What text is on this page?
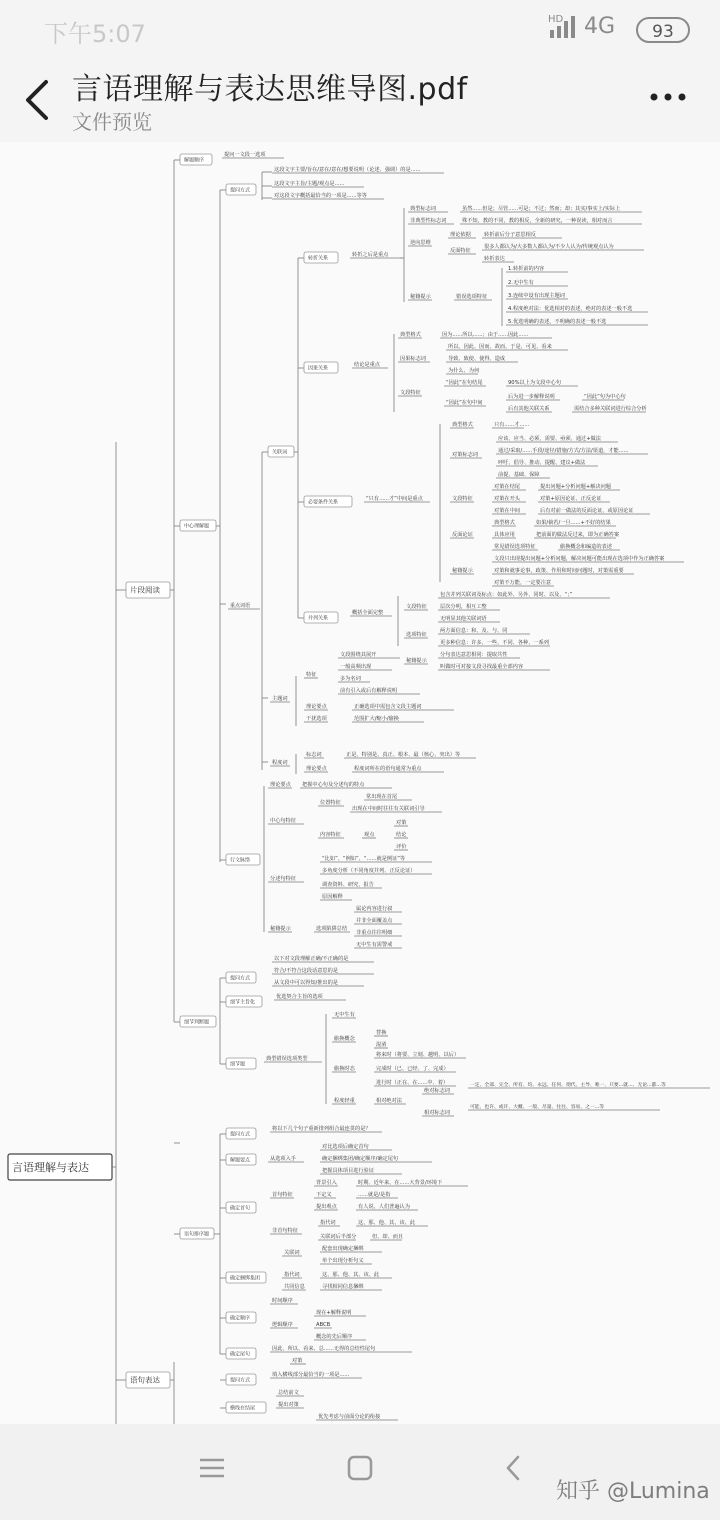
下午5:07
HD 4G	93
言语理解与表达思维导图.pdf
文件预览
言语理解与表达
片段阅读
语句表达
解题顺序
提问一文段一选项
中心理解题
提问方式
这段文字主要/旨在/意在/意在/想要说明（论述、强调）的是......
这段文字主旨/主题/观点是......
对这段文字概括最恰当的一项是......等等
重点词语
关联词
转折关系
转折之后是重点
典型标志词	虽然......但是；尽管......可是；不过；然而；却；其实/事实上/实际上
非典型性标志词	殊不知，教的不同，教的相反，全新的研究，一种误读，相对而言
逆向思维
理论依据	转折前后分子意思相反
反面特征
很多人都认为/大多数人都认为/不少人认为/传统观点认为
转折表达
1.转折前的内容
2.无中生有
3.连续中设有出现主题词
4.程度绝对法：优选相对的表述，绝对的表述一般不选
5.优选明确的表述，不明确的表述一般不选
秘籍提示	错误选项特征
因果关系
结论是重点
典型格式	因为......所以......；由于......因此......
因果标志词
所以、因此、因而、故而、于是、可见、看来
导致、致使、使得、造成
为什么、为何
文段特征
“因此”在句结尾	90%以上为文段中心句
“因此”在句中间
后为进一步解释说明	“因此”句为中心句
后有其他关联关系	需结合多种关联词进行综合分析
必要条件关系
“只有......才”中间是重点
典型格式	只有......才......
对策标志词
应该、应当、必须、需要、亟须、通过+做法
通过/采取/......手段/途径/措施/方式/方法/渠道，才能......
呼吁、倡导、推动、提醒、建议+做法
前提、基础、保障
文段特征
对策在结尾	提出问题+分析问题+解决问题
对策在开头	对策+原因论证、正反论证
对策在中间	后有对前一做法的反面论证，或原因论证
反面论证
典型格式	如果/倘若/一旦......+不好的结果
具体应用	把前面的做法反过来，即为正确答案
常见错误选项特征	偷换概念和编造的表述
秘籍提示
文段只出现提出问题+分析问题，解决问题可能出现在选项中作为正确答案
对策和就事论事，政策、作用和时间问题时，对策需重要
对策不万能，一定要注意
并列关系
概括全面完整
文段特征
包含并列关联词及标点：如此外、另外、同时、以及、“；”
层次分明，相互工整
无明显其他关联词语
选项特征
两方面信息：和、及、与、同
更多种信息：许多、一些、不同、各种、一系列
秘籍提示
分句表达意思相同：提取共性
叫做时可对接文段寻找最重全部内容
主题词
特征
文段围绕其展开
一般高频出现
多为名词
前有引入或后有解释说明
理论要点	正确选项中需包含文段主题词
干扰选项	范围扩大/缩小/偷换
程度词
标志词	正是、特别是、真正、根本、最（核心、突出）等
理论要点	程度词所在的语句通常为重点
行文脉络
理论要点 把握中心句及分述句的特点
中心句特征
位置特征
常出现在首尾
出现在中间时往往有关联词引导
内容特征	观点
对策
结论
评价
分述句特征
“比如”、“例如”、“......就是例证”等
多角度分析（不同角度并列、正反论证）
调查资料、研究、报告
原因解释
秘籍提示	选项陷阱总结
属论内容进行叙
并非全面覆盖点
非重点往往明细
无中生有需警戒
细节判断题
提问方式
以下对文段理解正确/不正确的是
符合/不符合这段话意思的是
从文段中可以得知/推出的是
细节主旨化
优选契合主旨的选项
细节题
典型错误选项类型
无中生有
偷换概念
替换
混淆
偷换时态
将来时（将要、立刻、越明、以后）
完成时（已、已经、了、完成）
进行时（正在、在......中、着）
程度轻重	相对绝对法
绝对标志词
一定、全部、完全、所有、均、永远、任何、彻代、主导、唯一、只要...就...、无论...都...等
相对标志词
可能、也许、或许、大概、一般、尽量、往往、容易、之一...等
语句排序题
提问方式
将以下几个句子重新排列组合最连贯的是？
解题要点	从选项入手
对比选项后确定首句
确定捆绑集团/确定顺序/确定尾句
把握具体项目进行验证
确定首句
首句特征
背景引入	时期、近年来、在......大背景/环境下
下定义	......就是/是指
提出观点	有人说、人们普遍认为
非首句特征
指代词	这、那、他、其、该、此
关联词后半部分	但、却、而且
确定捆绑集团
关联词
配套出现确定捆绑
单个出现分析句义
指代词	这、那、他、其、该、此
共同信息	寻找相同信息捆绑
确定顺序
时间顺序
逻辑顺序
现在+解释说明
ABCB
概念的先后顺序
确定尾句
因此、所以、看来、总......无得的总结性尾句
对策
提问方式
填入横线部分最恰当的一项是......
横线在结尾
总结前文
提出对策
优先考虑与前面分论的衔接
知乎 @Lumina
